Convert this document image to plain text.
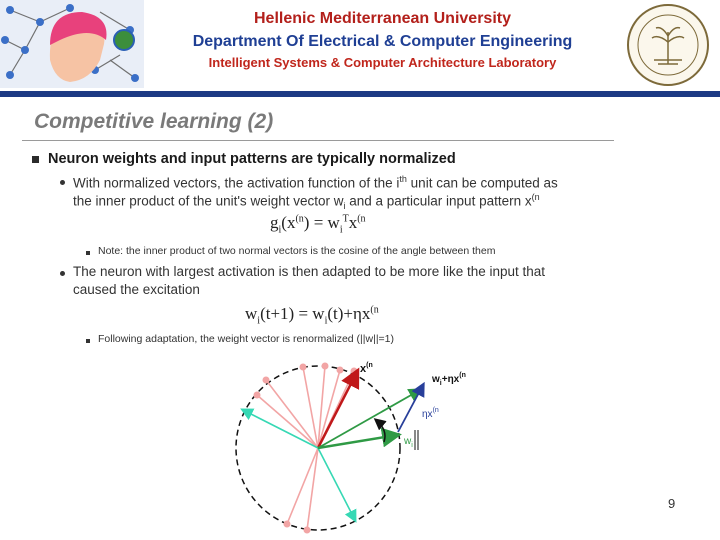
Hellenic Mediterranean University
Department Of Electrical & Computer Engineering
Intelligent Systems & Computer Architecture Laboratory
Competitive learning (2)
Neuron weights and input patterns are typically normalized
With normalized vectors, the activation function of the $i^{th}$ unit can be computed as
the inner product of the unit's weight vector $w_i$ and a particular input pattern $x^{(n}$
$g_i(x^{(n}) = w_i^Tx^{(n}$
Note: the inner product of two normal vectors is the cosine of the angle between them
The neuron with largest activation is then adapted to be more like the input that
caused the excitation
$w_i(t+1) = w_i(t)+\eta x^{(n}$
Following adaptation, the weight vector is renormalized (||w||=1)
$x^{(n}$
$w_i+\eta x^{(n}$
$\eta x^{(n}$
$w_i$
9
